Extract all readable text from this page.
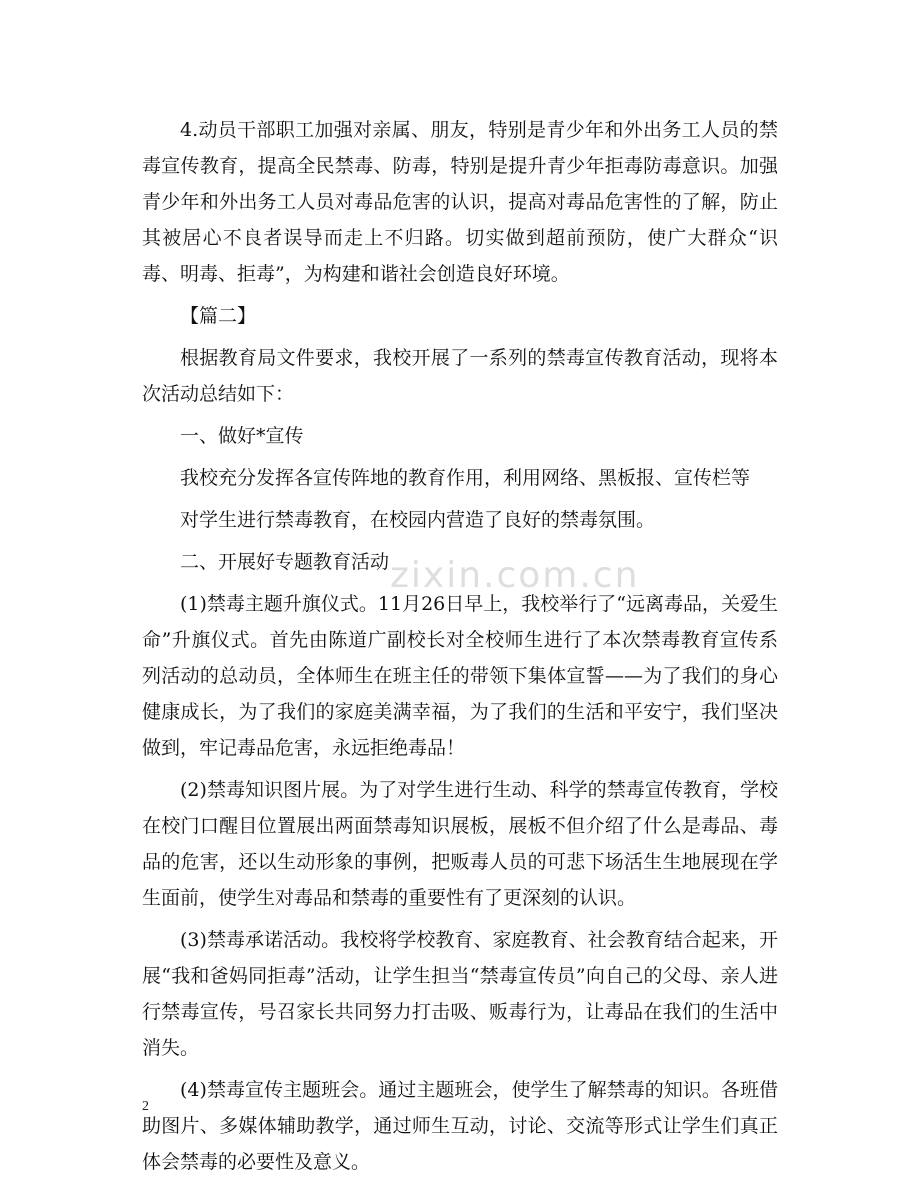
zixin.com.cn

4.动员干部职工加强对亲属、朋友，特别是青少年和外出务工人员的禁毒宣传教育，提高全民禁毒、防毒，特别是提升青少年拒毒防毒意识。加强青少年和外出务工人员对毒品危害的认识，提高对毒品危害性的了解，防止其被居心不良者误导而走上不归路。切实做到超前预防，使广大群众“识毒、明毒、拒毒”，为构建和谐社会创造良好环境。

【篇二】

根据教育局文件要求，我校开展了一系列的禁毒宣传教育活动，现将本次活动总结如下：

一、做好*宣传

我校充分发挥各宣传阵地的教育作用，利用网络、黑板报、宣传栏等

对学生进行禁毒教育，在校园内营造了良好的禁毒氛围。

二、开展好专题教育活动

(1)禁毒主题升旗仪式。11月26日早上，我校举行了“远离毒品，关爱生命”升旗仪式。首先由陈道广副校长对全校师生进行了本次禁毒教育宣传系列活动的总动员，全体师生在班主任的带领下集体宣誓——为了我们的身心健康成长，为了我们的家庭美满幸福，为了我们的生活和平安宁，我们坚决做到，牢记毒品危害，永远拒绝毒品！

(2)禁毒知识图片展。为了对学生进行生动、科学的禁毒宣传教育，学校在校门口醒目位置展出两面禁毒知识展板，展板不但介绍了什么是毒品、毒品的危害，还以生动形象的事例，把贩毒人员的可悲下场活生生地展现在学生面前，使学生对毒品和禁毒的重要性有了更深刻的认识。

(3)禁毒承诺活动。我校将学校教育、家庭教育、社会教育结合起来，开展“我和爸妈同拒毒”活动，让学生担当“禁毒宣传员”向自己的父母、亲人进行禁毒宣传，号召家长共同努力打击吸、贩毒行为，让毒品在我们的生活中消失。

(4)禁毒宣传主题班会。通过主题班会，使学生了解禁毒的知识。各班借助图片、多媒体辅助教学，通过师生互动，讨论、交流等形式让学生们真正体会禁毒的必要性及意义。

2
